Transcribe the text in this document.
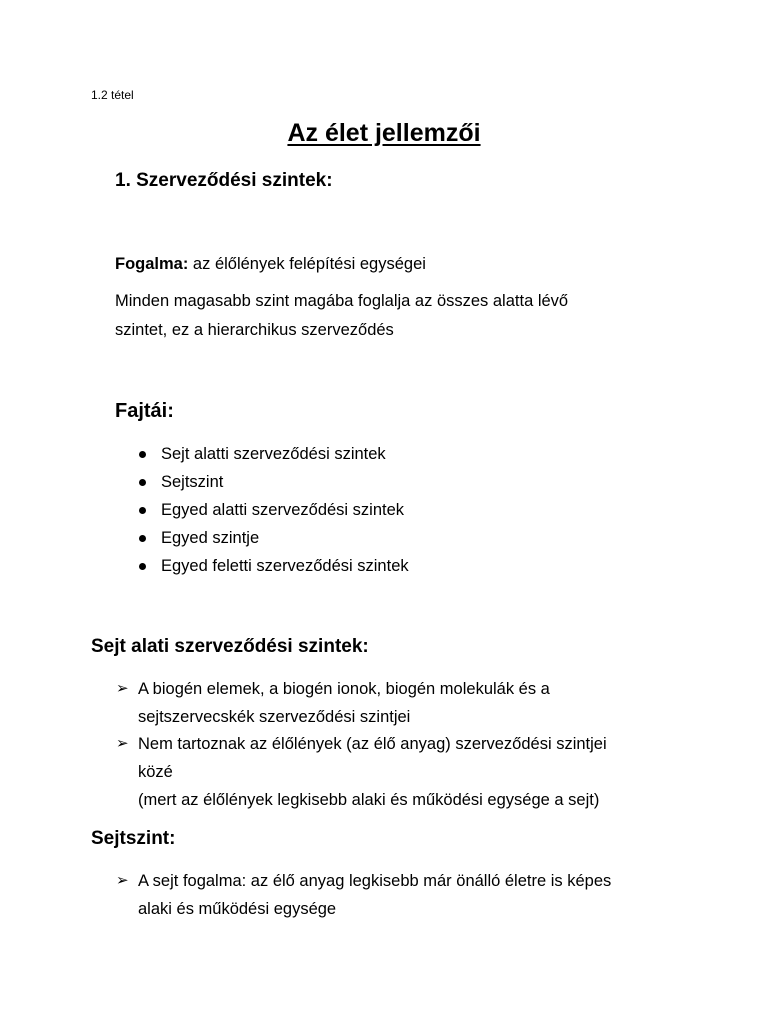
1.2 tétel
Az élet jellemzői
1. Szerveződési szintek:
Fogalma: az élőlények felépítési egységei
Minden magasabb szint magába foglalja az összes alatta lévő
szintet, ez a hierarchikus szerveződés
Fajtái:
Sejt alatti szerveződési szintek
Sejtszint
Egyed alatti szerveződési szintek
Egyed szintje
Egyed feletti szerveződési szintek
Sejt alati szerveződési szintek:
➢ A biogén elemek, a biogén ionok, biogén molekulák és a
sejtszervecskék szerveződési szintjei
➢ Nem tartoznak az élőlények (az élő anyag) szerveződési szintjei
közé
(mert az élőlények legkisebb alaki és működési egysége a sejt)
Sejtszint:
➢ A sejt fogalma: az élő anyag legkisebb már önálló életre is képes
alaki és működési egysége
